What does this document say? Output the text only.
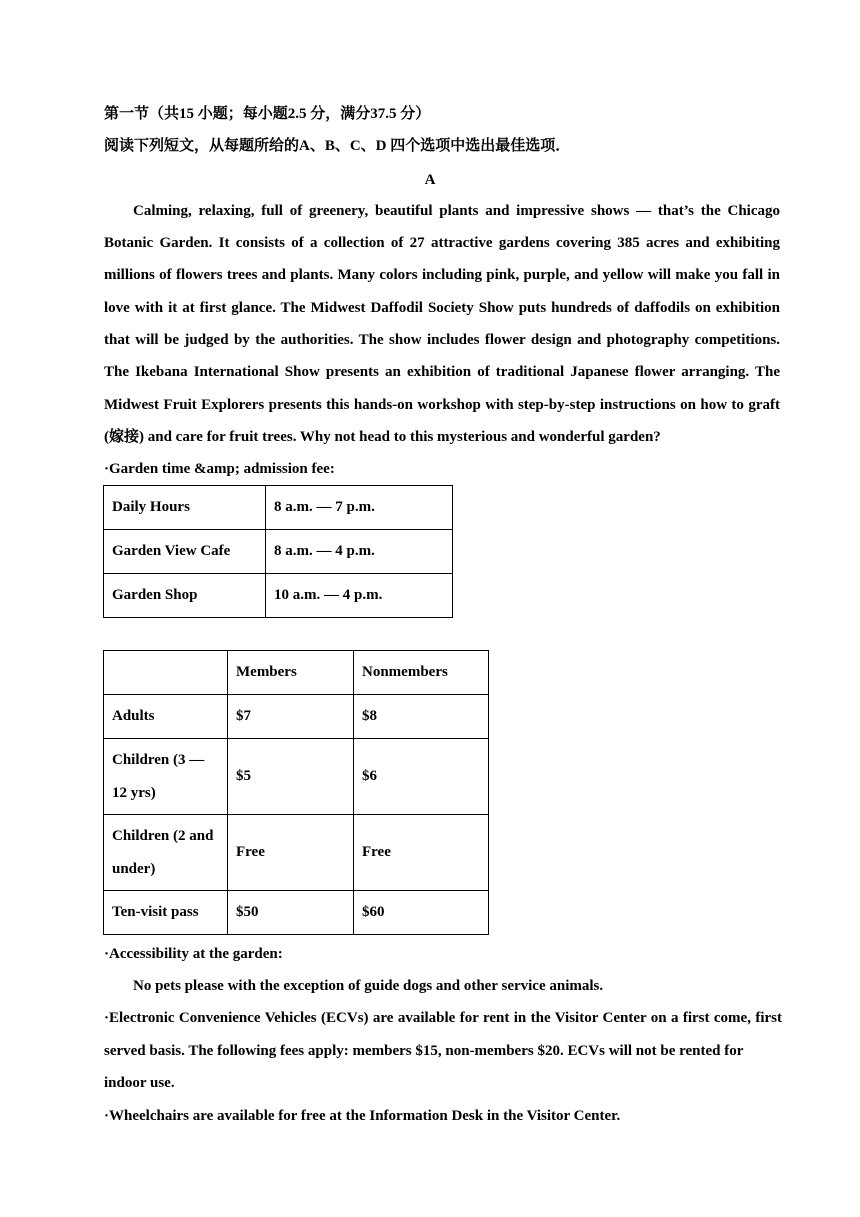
第一节（共15 小题；每小题2.5 分，满分37.5 分）
阅读下列短文，从每题所给的A、B、C、D 四个选项中选出最佳选项．
A
Calming, relaxing, full of greenery, beautiful plants and impressive shows — that’s the Chicago
Botanic Garden. It consists of a collection of 27 attractive gardens covering 385 acres and exhibiting
millions of flowers trees and plants. Many colors including pink, purple, and yellow will make you fall in
love with it at first glance. The Midwest Daffodil Society Show puts hundreds of daffodils on exhibition
that will be judged by the authorities. The show includes flower design and photography competitions.
The Ikebana International Show presents an exhibition of traditional Japanese flower arranging. The
Midwest Fruit Explorers presents this hands-on workshop with step-by-step instructions on how to graft
(嫁接) and care for fruit trees. Why not head to this mysterious and wonderful garden?
·Garden time &amp; admission fee:
Daily Hours	8 a.m. — 7 p.m.
Garden View Cafe	8 a.m. — 4 p.m.
Garden Shop	10 a.m. — 4 p.m.
	Members	Nonmembers
Adults	$7	$8
Children (3 —
12 yrs)	$5	$6
Children (2 and
under)	Free	Free
Ten-visit pass	$50	$60
·Accessibility at the garden:
No pets please with the exception of guide dogs and other service animals.
·Electronic Convenience Vehicles (ECVs) are available for rent in the Visitor Center on a first come, first
served basis. The following fees apply: members $15, non-members $20. ECVs will not be rented for
indoor use.
·Wheelchairs are available for free at the Information Desk in the Visitor Center.
